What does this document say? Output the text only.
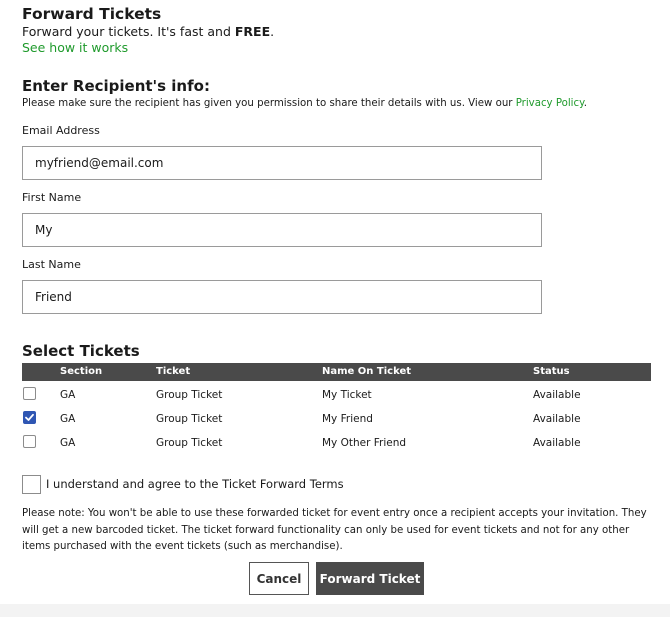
Forward Tickets
Forward your tickets. It's fast and FREE.
See how it works
Enter Recipient's info:
Please make sure the recipient has given you permission to share their details with us. View our Privacy Policy.
Email Address
myfriend@email.com
First Name
My
Last Name
Friend
Select Tickets
Section	Ticket	Name On Ticket	Status
GA	Group Ticket	My Ticket	Available
GA	Group Ticket	My Friend	Available
GA	Group Ticket	My Other Friend	Available
I understand and agree to the Ticket Forward Terms
Please note: You won't be able to use these forwarded ticket for event entry once a recipient accepts your invitation. They will get a new barcoded ticket. The ticket forward functionality can only be used for event tickets and not for any other items purchased with the event tickets (such as merchandise).
Cancel	Forward Ticket
